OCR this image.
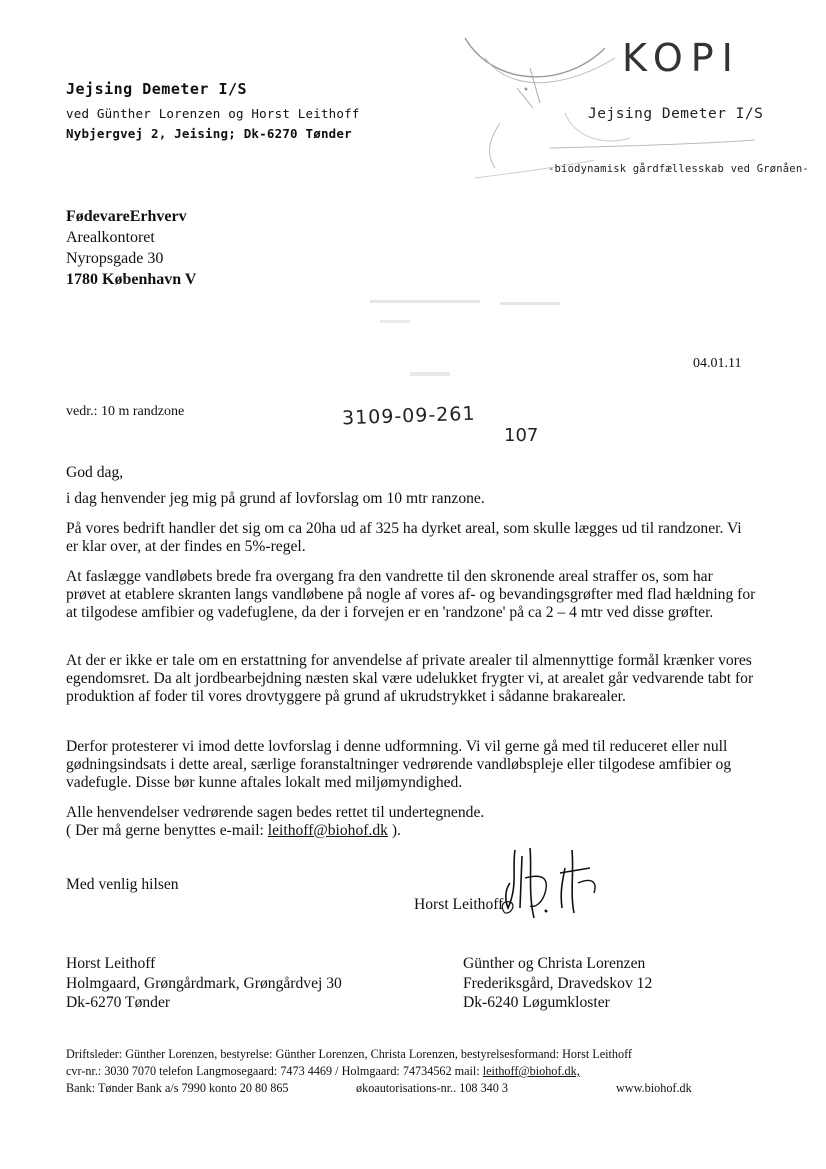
KOPI
Jejsing Demeter I/S
-biodynamisk gårdfællesskab ved Grønåen-
Jejsing Demeter I/S
ved Günther Lorenzen og Horst Leithoff
Nybjergvej 2, Jeising; Dk-6270 Tønder
FødevareErhverv
Arealkontoret
Nyropsgade 30
1780 København V
04.01.11
vedr.: 10 m randzone	3109-09-261
107
God dag,
i dag henvender jeg mig på grund af lovforslag om 10 mtr ranzone.
På vores bedrift handler det sig om ca 20ha ud af 325 ha dyrket areal, som skulle lægges ud til randzoner. Vi er klar over, at der findes en 5%-regel.
At faslægge vandløbets brede fra overgang fra den vandrette til den skronende areal straffer os, som har prøvet at etablere skranten langs vandløbene på nogle af vores af- og bevandingsgrøfter med flad hældning for at tilgodese amfibier og vadefuglene, da der i forvejen er en 'randzone' på ca 2 – 4 mtr ved disse grøfter.
At der er ikke er tale om en erstattning for anvendelse af private arealer til almennyttige formål krænker vores egendomsret. Da alt jordbearbejdning næsten skal være udelukket frygter vi, at arealet går vedvarende tabt for produktion af foder til vores drovtyggere på grund af ukrudstrykket i sådanne brakarealer.
Derfor protesterer vi imod dette lovforslag i denne udformning. Vi vil gerne gå med til reduceret eller null gødningsindsats i dette areal, særlige foranstaltninger vedrørende vandløbspleje eller tilgodese amfibier og vadefugle. Disse bør kunne aftales lokalt med miljømyndighed.
Alle henvendelser vedrørende sagen bedes rettet til undertegnende.
( Der må gerne benyttes e-mail: leithoff@biohof.dk ).
Med venlig hilsen
Horst Leithoff
Horst Leithoff
Holmgaard, Grøngårdmark, Grøngårdvej 30
Dk-6270 Tønder
Günther og Christa Lorenzen
Frederiksgård, Dravedskov 12
Dk-6240 Løgumkloster
Driftsleder: Günther Lorenzen, bestyrelse: Günther Lorenzen, Christa Lorenzen, bestyrelsesformand: Horst Leithoff
cvr-nr.: 3030 7070 telefon Langmosegaard: 7473 4469 / Holmgaard: 74734562 mail: leithoff@biohof.dk,
Bank: Tønder Bank a/s 7990 konto 20 80 865	økoautorisations-nr.. 108 340 3	www.biohof.dk
